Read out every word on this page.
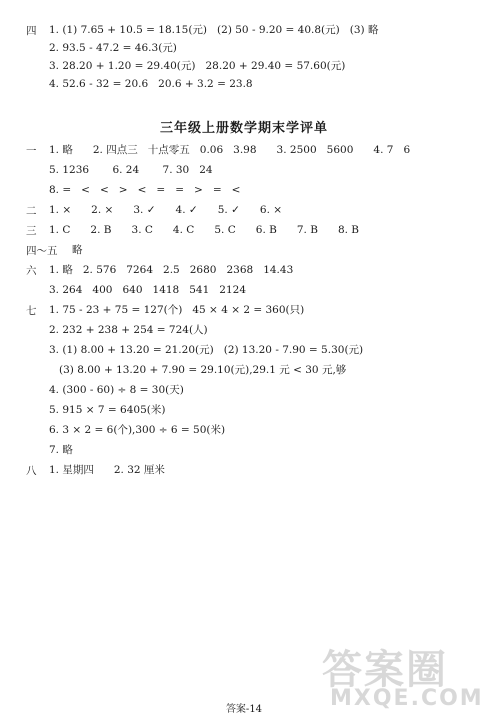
四 1. (1) 7.65 + 10.5 = 18.15(元)   (2) 50 - 9.20 = 40.8(元)   (3) 略
2. 93.5 - 47.2 = 46.3(元)
3. 28.20 + 1.20 = 29.40(元)   28.20 + 29.40 = 57.60(元)
4. 52.6 - 32 = 20.6   20.6 + 3.2 = 23.8
三年级上册数学期末学评单
一 1. 略      2. 四点三   十点零五   0.06   3.98      3. 2500   5600      4. 7   6
5. 1236       6. 24       7. 30   24
8. =   <   <   >   <   =   =   >   =   <
二 1. ×      2. ×      3. ✓      4. ✓      5. ✓      6. ×
三 1. C      2. B      3. C      4. C      5. C      6. B      7. B      8. B
四～五 略
六 1. 略   2. 576   7264   2.5   2680   2368   14.43
3. 264   400   640   1418   541   2124
七 1. 75 - 23 + 75 = 127(个)   45 × 4 × 2 = 360(只)
2. 232 + 238 + 254 = 724(人)
3. (1) 8.00 + 13.20 = 21.20(元)   (2) 13.20 - 7.90 = 5.30(元)
(3) 8.00 + 13.20 + 7.90 = 29.10(元),29.1 元 < 30 元,够
4. (300 - 60) ÷ 8 = 30(天)
5. 915 × 7 = 6405(米)
6. 3 × 2 = 6(个),300 ÷ 6 = 50(米)
7. 略
八 1. 星期四      2. 32 厘米
答案圈
MXQE.COM
答案-14
